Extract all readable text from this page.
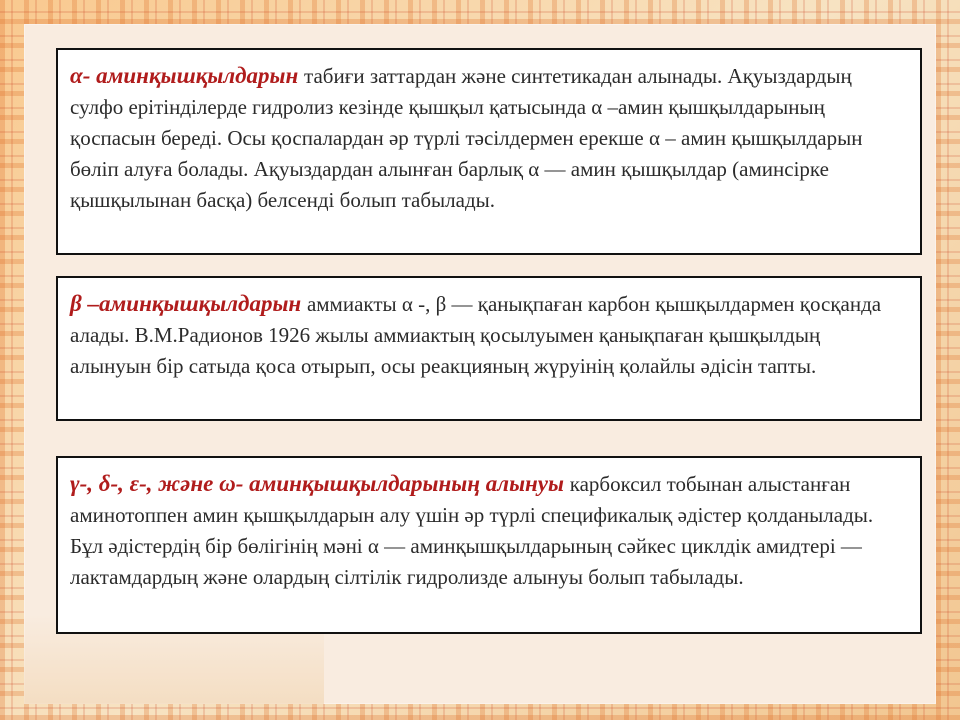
α- аминқышқылдарын табиғи заттардан және синтетикадан алынады. Ақуыздардың сулфо ерітінділерде гидролиз кезінде қышқыл қатысында α –амин қышқылдарының қоспасын береді. Осы қоспалардан әр түрлі тәсілдермен ерекше α – амин қышқылдарын бөліп алуға болады. Ақуыздардан алынған барлық α — амин қышқылдар (аминсірке қышқылынан басқа) белсенді болып табылады.
β –аминқышқылдарын аммиакты α -, β — қанықпаған карбон қышқылдармен қосқанда алады. В.М.Радионов 1926 жылы аммиактың қосылуымен қанықпаған қышқылдың алынуын бір сатыда қоса отырып, осы реакцияның жүруінің қолайлы әдісін тапты.
γ-, δ-, ε-, және ω- аминқышқылдарының алынуы карбоксил тобынан алыстанған аминотоппен амин қышқылдарын алу үшін әр түрлі спецификалық әдістер қолданылады. Бұл әдістердің бір бөлігінің мәні α — аминқышқылдарының сәйкес циклдік амидтері — лактамдардың және олардың сілтілік гидролизде алынуы болып табылады.
